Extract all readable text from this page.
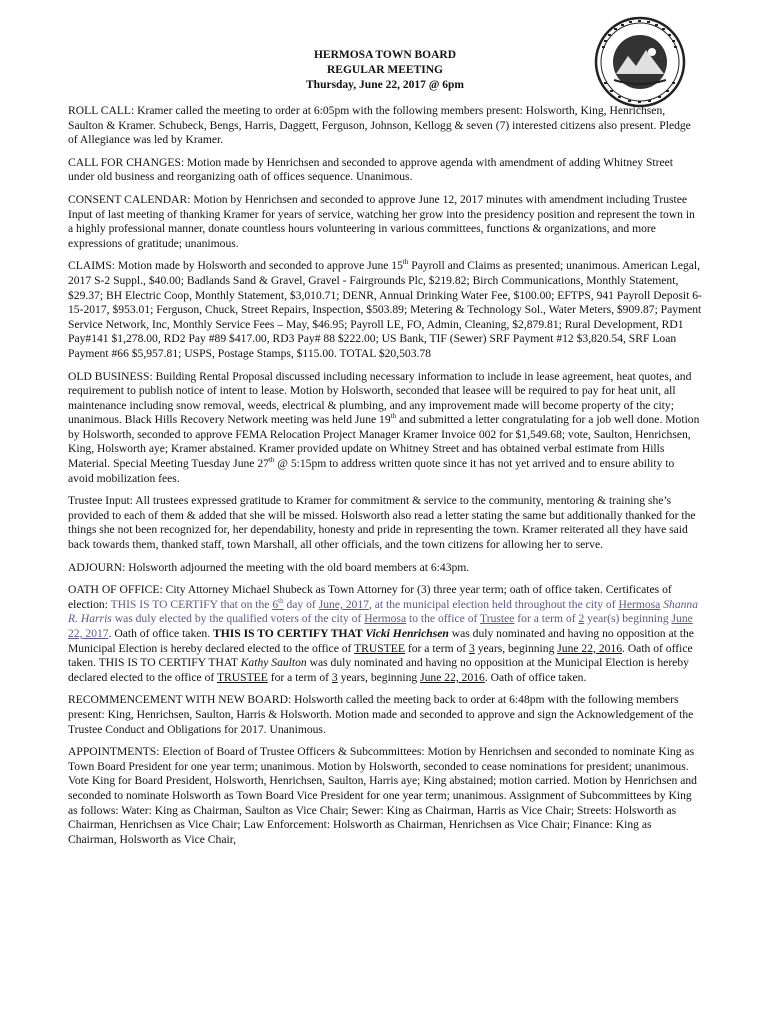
HERMOSA TOWN BOARD
REGULAR MEETING
Thursday, June 22, 2017 @ 6pm

ROLL CALL: Kramer called the meeting to order at 6:05pm with the following members present: Holsworth, King, Henrichsen, Saulton & Kramer. Schubeck, Bengs, Harris, Daggett, Ferguson, Johnson, Kellogg & seven (7) interested citizens also present. Pledge of Allegiance was led by Kramer.

CALL FOR CHANGES: Motion made by Henrichsen and seconded to approve agenda with amendment of adding Whitney Street under old business and reorganizing oath of offices sequence. Unanimous.

CONSENT CALENDAR: Motion by Henrichsen and seconded to approve June 12, 2017 minutes with amendment including Trustee Input of last meeting of thanking Kramer for years of service, watching her grow into the presidency position and represent the town in a highly professional manner, donate countless hours volunteering in various committees, functions & organizations, and more expressions of gratitude; unanimous.

CLAIMS: Motion made by Holsworth and seconded to approve June 15th Payroll and Claims as presented; unanimous. American Legal, 2017 S-2 Suppl., $40.00; Badlands Sand & Gravel, Gravel - Fairgrounds Plc, $219.82; Birch Communications, Monthly Statement, $29.37; BH Electric Coop, Monthly Statement, $3,010.71; DENR, Annual Drinking Water Fee, $100.00; EFTPS, 941 Payroll Deposit 6-15-2017, $953.01; Ferguson, Chuck, Street Repairs, Inspection, $503.89; Metering & Technology Sol., Water Meters, $909.87; Payment Service Network, Inc, Monthly Service Fees – May, $46.95; Payroll LE, FO, Admin, Cleaning, $2,879.81; Rural Development, RD1 Pay#141 $1,278.00, RD2 Pay #89 $417.00, RD3 Pay# 88 $222.00; US Bank, TIF (Sewer) SRF Payment #12 $3,820.54, SRF Loan Payment #66 $5,957.81; USPS, Postage Stamps, $115.00. TOTAL $20,503.78

OLD BUSINESS: Building Rental Proposal discussed including necessary information to include in lease agreement, heat quotes, and requirement to publish notice of intent to lease. Motion by Holsworth, seconded that leasee will be required to pay for heat unit, all maintenance including snow removal, weeds, electrical & plumbing, and any improvement made will become property of the city; unanimous. Black Hills Recovery Network meeting was held June 19th and submitted a letter congratulating for a job well done. Motion by Holsworth, seconded to approve FEMA Relocation Project Manager Kramer Invoice 002 for $1,549.68; vote, Saulton, Henrichsen, King, Holsworth aye; Kramer abstained. Kramer provided update on Whitney Street and has obtained verbal estimate from Hills Material. Special Meeting Tuesday June 27th @ 5:15pm to address written quote since it has not yet arrived and to ensure ability to avoid mobilization fees.

Trustee Input: All trustees expressed gratitude to Kramer for commitment & service to the community, mentoring & training she’s provided to each of them & added that she will be missed. Holsworth also read a letter stating the same but additionally thanked for the things she not been recognized for, her dependability, honesty and pride in representing the town. Kramer reiterated all they have said back towards them, thanked staff, town Marshall, all other officials, and the town citizens for allowing her to serve.

ADJOURN: Holsworth adjourned the meeting with the old board members at 6:43pm.

OATH OF OFFICE: City Attorney Michael Shubeck as Town Attorney for (3) three year term; oath of office taken. Certificates of election: THIS IS TO CERTIFY that on the 6th day of June, 2017, at the municipal election held throughout the city of Hermosa Shanna R. Harris was duly elected by the qualified voters of the city of Hermosa to the office of Trustee for a term of 2 year(s) beginning June 22, 2017. Oath of office taken. THIS IS TO CERTIFY THAT Vicki Henrichsen was duly nominated and having no opposition at the Municipal Election is hereby declared elected to the office of TRUSTEE for a term of 3 years, beginning June 22, 2016. Oath of office taken. THIS IS TO CERTIFY THAT Kathy Saulton was duly nominated and having no opposition at the Municipal Election is hereby declared elected to the office of TRUSTEE for a term of 3 years, beginning June 22, 2016. Oath of office taken.

RECOMMENCEMENT WITH NEW BOARD: Holsworth called the meeting back to order at 6:48pm with the following members present: King, Henrichsen, Saulton, Harris & Holsworth. Motion made and seconded to approve and sign the Acknowledgement of the Trustee Conduct and Obligations for 2017. Unanimous.

APPOINTMENTS: Election of Board of Trustee Officers & Subcommittees: Motion by Henrichsen and seconded to nominate King as Town Board President for one year term; unanimous. Motion by Holsworth, seconded to cease nominations for president; unanimous. Vote King for Board President, Holsworth, Henrichsen, Saulton, Harris aye; King abstained; motion carried. Motion by Henrichsen and seconded to nominate Holsworth as Town Board Vice President for one year term; unanimous. Assignment of Subcommittees by King as follows: Water: King as Chairman, Saulton as Vice Chair; Sewer: King as Chairman, Harris as Vice Chair; Streets: Holsworth as Chairman, Henrichsen as Vice Chair; Law Enforcement: Holsworth as Chairman, Henrichsen as Vice Chair; Finance: King as Chairman, Holsworth as Vice Chair,
